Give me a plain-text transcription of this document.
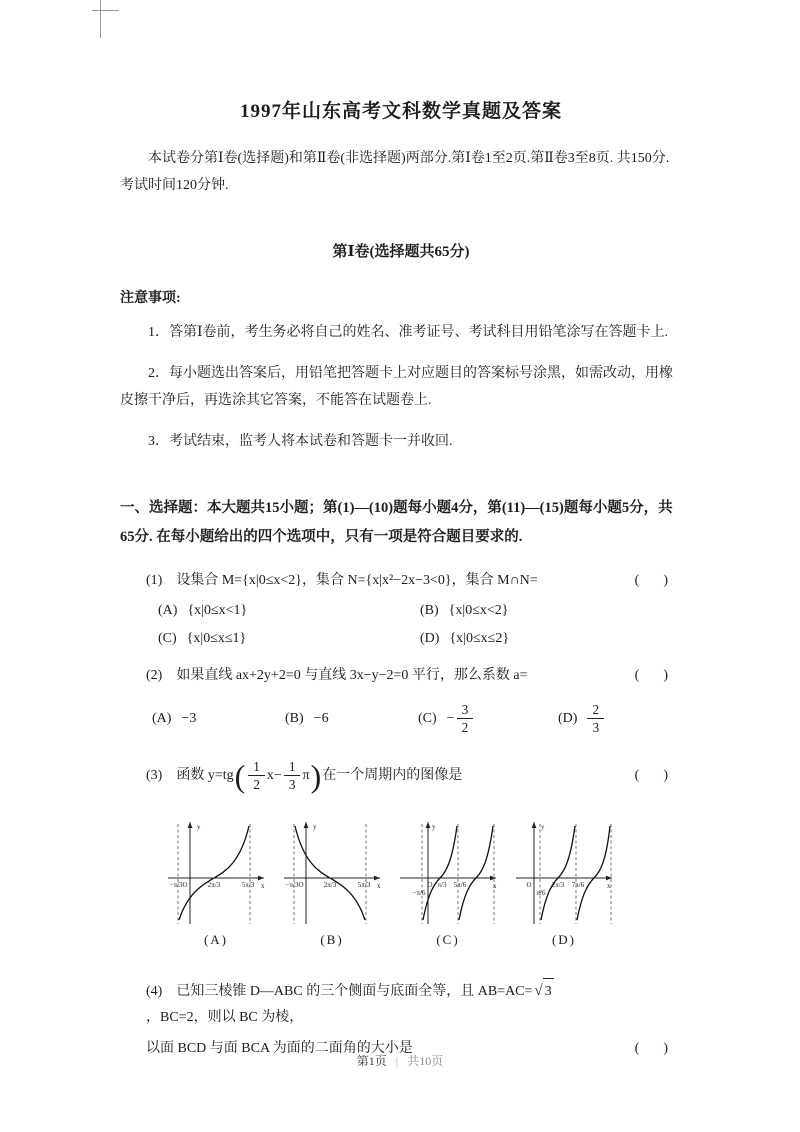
1997年山东高考文科数学真题及答案

本试卷分第Ⅰ卷(选择题)和第Ⅱ卷(非选择题)两部分.第Ⅰ卷1至2页.第Ⅱ卷3至8页. 共150分. 考试时间120分钟.

第Ⅰ卷(选择题共65分)
注意事项:

1．答第Ⅰ卷前，考生务必将自己的姓名、准考证号、考试科目用铅笔涂写在答题卡上.

2．每小题选出答案后，用铅笔把答题卡上对应题目的答案标号涂黑，如需改动，用橡皮擦干净后，再选涂其它答案，不能答在试题卷上.

3．考试结束，监考人将本试卷和答题卡一并收回.

一、选择题：本大题共15小题；第(1)—(10)题每小题4分，第(11)—(15)题每小题5分，共65分. 在每小题给出的四个选项中，只有一项是符合题目要求的.

(1)　设集合 M={x|0≤x<2}，集合 N={x|x²−2x−3<0}，集合 M∩N=	(    )
(A) {x|0≤x<1}	(B) {x|0≤x<2}
(C) {x|0≤x≤1}	(D) {x|0≤x≤2}
(2)　如果直线 ax+2y+2=0 与直线 3x−y−2=0 平行，那么系数 a=	(    )
(A) −3	(B) −6	$(C) - \frac{3}{2}$	$(D) \frac{2}{3}$
(3)　函数 y=tg ( $\frac{1}{2} x- \frac{1}{3}$ π ) 在一个周期内的图像是	(    )
y
x
O
−π/3	2π/3	5π/3
(A)
y
x
O
−π/3	2π/3	5π/3
(B)
y
x
O
−π/6
π/3 5π/6
(C)
y
x
O
π/6
2π/3 7π/6
(D)
(4)　已知三棱锥 D—ABC 的三个侧面与底面全等，且 AB=AC= √ 3
，BC=2，则以 BC 为棱，
以面 BCD 与面 BCA 为面的二面角的大小是	(    )
第1页 | 共10页
